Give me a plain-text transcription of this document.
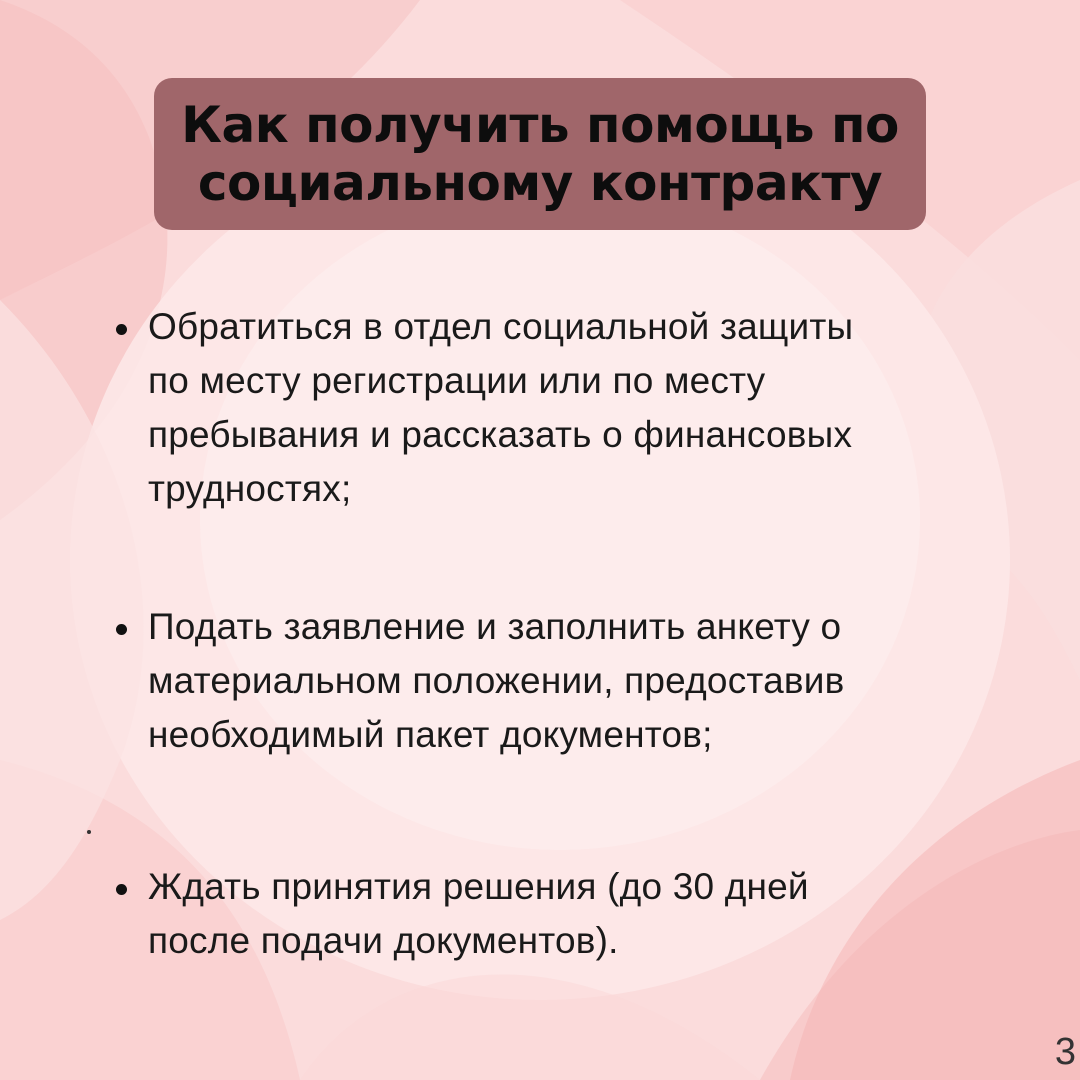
Как получить помощь по
социальному контракту
Обратиться в отдел социальной защиты
по месту регистрации или по месту
пребывания и рассказать о финансовых
трудностях;
Подать заявление и заполнить анкету о
материальном положении, предоставив
необходимый пакет документов;
Ждать принятия решения (до 30 дней
после подачи документов).
3
